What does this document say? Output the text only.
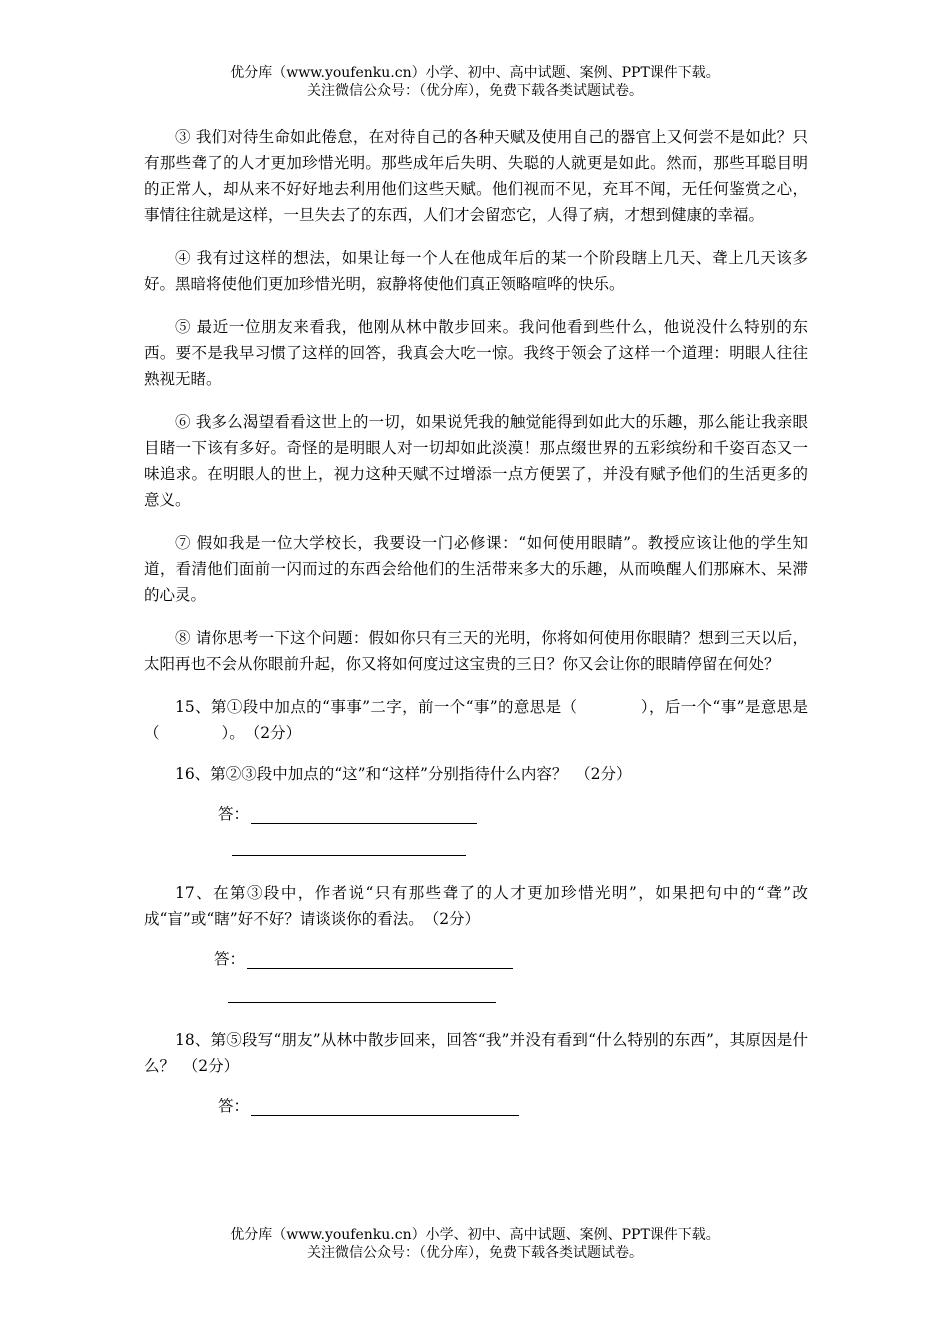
优分库（www.youfenku.cn）小学、初中、高中试题、案例、PPT课件下载。
关注微信公众号：（优分库），免费下载各类试题试卷。

③ 我们对待生命如此倦怠，在对待自己的各种天赋及使用自己的器官上又何尝不是如此？只有那些聋了的人才更加珍惜光明。那些成年后失明、失聪的人就更是如此。然而，那些耳聪目明的正常人，却从来不好好地去利用他们这些天赋。他们视而不见，充耳不闻，无任何鉴赏之心，事情往往就是这样，一旦失去了的东西，人们才会留恋它，人得了病，才想到健康的幸福。

④ 我有过这样的想法，如果让每一个人在他成年后的某一个阶段瞎上几天、聋上几天该多好。黑暗将使他们更加珍惜光明，寂静将使他们真正领略喧哗的快乐。

⑤ 最近一位朋友来看我，他刚从林中散步回来。我问他看到些什么，他说没什么特别的东西。要不是我早习惯了这样的回答，我真会大吃一惊。我终于领会了这样一个道理：明眼人往往熟视无睹。

⑥ 我多么渴望看看这世上的一切，如果说凭我的触觉能得到如此大的乐趣，那么能让我亲眼目睹一下该有多好。奇怪的是明眼人对一切却如此淡漠！那点缀世界的五彩缤纷和千姿百态又一味追求。在明眼人的世上，视力这种天赋不过增添一点方便罢了，并没有赋予他们的生活更多的意义。

⑦ 假如我是一位大学校长，我要设一门必修课：“如何使用眼睛”。教授应该让他的学生知道，看清他们面前一闪而过的东西会给他们的生活带来多大的乐趣，从而唤醒人们那麻木、呆滞的心灵。

⑧ 请你思考一下这个问题：假如你只有三天的光明，你将如何使用你眼睛？想到三天以后，太阳再也不会从你眼前升起，你又将如何度过这宝贵的三日？你又会让你的眼睛停留在何处？

15、第①段中加点的“事事”二字，前一个“事”的意思是（　　　　），后一个“事”是意思是（　　　　）。　（2分）

16、第②③段中加点的“这”和“这样”分别指待什么内容？　（2分）

答：

17、在第③段中，作者说“只有那些聋了的人才更加珍惜光明”，如果把句中的“聋”改成“盲”或“瞎”好不好？请谈谈你的看法。　（2分）

答：

18、第⑤段写“朋友”从林中散步回来，回答“我”并没有看到“什么特别的东西”，其原因是什么？　（2分）

答：
优分库（www.youfenku.cn）小学、初中、高中试题、案例、PPT课件下载。
关注微信公众号：（优分库），免费下载各类试题试卷。
